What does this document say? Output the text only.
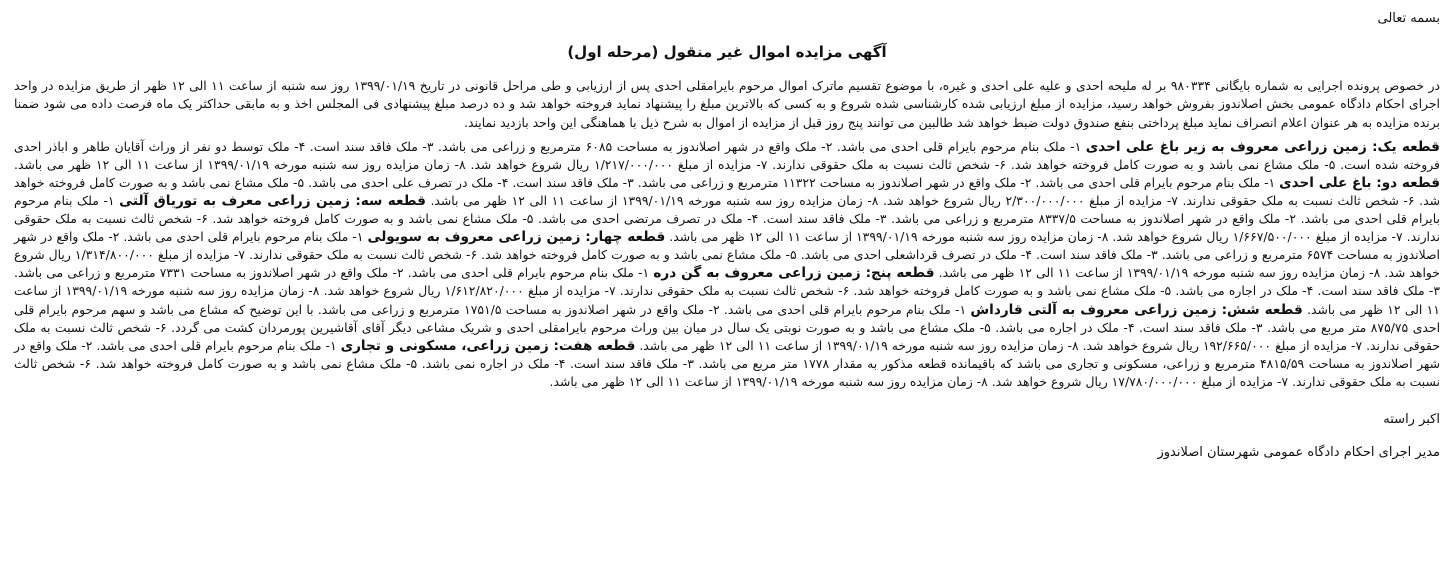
بسمه تعالی
آگهی مزایده اموال غیر منقول (مرحله اول)

در خصوص پرونده اجرایی به شماره بایگانی ۹۸۰۳۳۴ بر له ملیحه احدی و علیه علی احدی و غیره، با موضوع تقسیم ماترک اموال مرحوم بایرامقلی احدی پس از ارزیابی و طی مراحل قانونی در تاریخ ۱۳۹۹/۰۱/۱۹ روز سه شنبه از ساعت ۱۱ الی ۱۲ ظهر از طریق مزایده در واحد اجرای احکام دادگاه عمومی بخش اصلاندوز بفروش خواهد رسید، مزایده از مبلغ ارزیابی شده کارشناسی شده شروع و به کسی که بالاترین مبلغ را پیشنهاد نماید فروخته خواهد شد و ده درصد مبلغ پیشنهادی فی المجلس اخذ و به مابقی حداکثر یک ماه فرصت داده می شود ضمنا برنده مزایده به هر عنوان اعلام انصراف نماید مبلغ پرداختی بنفع صندوق دولت ضبط خواهد شد طالبین می توانند پنج روز قبل از مزایده از اموال به شرح ذیل با هماهنگی این واحد بازدید نمایند.

قطعه یک: زمین زراعی معروف به زیر باغ علی احدی ۱- ملک بنام مرحوم بایرام قلی احدی می باشد. ۲- ملک واقع در شهر اصلاندوز به مساحت ۶۰۸۵ مترمربع و زراعی می باشد. ۳- ملک فاقد سند است. ۴- ملک توسط دو نفر از وراث آقایان طاهر و اباذر احدی فروخته شده است. ۵- ملک مشاع نمی باشد و به صورت کامل فروخته خواهد شد. ۶- شخص ثالث نسبت به ملک حقوقی ندارند. ۷- مزایده از مبلغ ۱/۲۱۷/۰۰۰/۰۰۰ ریال شروع خواهد شد. ۸- زمان مزایده روز سه شنبه مورخه ۱۳۹۹/۰۱/۱۹ از ساعت ۱۱ الی ۱۲ ظهر می باشد. قطعه دو: باغ علی احدی ۱- ملک بنام مرحوم بایرام قلی احدی می باشد. ۲- ملک واقع در شهر اصلاندوز به مساحت ۱۱۳۲۲ مترمربع و زراعی می باشد. ۳- ملک فاقد سند است. ۴- ملک در تصرف علی احدی می باشد. ۵- ملک مشاع نمی باشد و به صورت کامل فروخته خواهد شد. ۶- شخص ثالث نسبت به ملک حقوقی ندارند. ۷- مزایده از مبلغ ۲/۳۰۰/۰۰۰/۰۰۰ ریال شروع خواهد شد. ۸- زمان مزایده روز سه شنبه مورخه ۱۳۹۹/۰۱/۱۹ از ساعت ۱۱ الی ۱۲ ظهر می باشد. قطعه سه: زمین زراعی معرف به توریاق آلتی ۱- ملک بنام مرحوم بایرام قلی احدی می باشد. ۲- ملک واقع در شهر اصلاندوز به مساحت ۸۳۳۷/۵ مترمربع و زراعی می باشد. ۳- ملک فاقد سند است. ۴- ملک در تصرف مرتضی احدی می باشد. ۵- ملک مشاع نمی باشد و به صورت کامل فروخته خواهد شد. ۶- شخص ثالث نسبت به ملک حقوقی ندارند. ۷- مزایده از مبلغ ۱/۶۶۷/۵۰۰/۰۰۰ ریال شروع خواهد شد. ۸- زمان مزایده روز سه شنبه مورخه ۱۳۹۹/۰۱/۱۹ از ساعت ۱۱ الی ۱۲ ظهر می باشد. قطعه چهار: زمین زراعی معروف به سویولی ۱- ملک بنام مرحوم بایرام قلی احدی می باشد. ۲- ملک واقع در شهر اصلاندوز به مساحت ۶۵۷۴ مترمربع و زراعی می باشد. ۳- ملک فاقد سند است. ۴- ملک در تصرف قرداشعلی احدی می باشد. ۵- ملک مشاع نمی باشد و به صورت کامل فروخته خواهد شد. ۶- شخص ثالث نسبت به ملک حقوقی ندارند. ۷- مزایده از مبلغ ۱/۳۱۴/۸۰۰/۰۰۰ ریال شروع خواهد شد. ۸- زمان مزایده روز سه شنبه مورخه ۱۳۹۹/۰۱/۱۹ از ساعت ۱۱ الی ۱۲ ظهر می باشد. قطعه پنج: زمین زراعی معروف به گن دره ۱- ملک بنام مرحوم بایرام قلی احدی می باشد. ۲- ملک واقع در شهر اصلاندوز به مساحت ۷۳۳۱ مترمربع و زراعی می باشد. ۳- ملک فاقد سند است. ۴- ملک در اجاره می باشد. ۵- ملک مشاع نمی باشد و به صورت کامل فروخته خواهد شد. ۶- شخص ثالث نسبت به ملک حقوقی ندارند. ۷- مزایده از مبلغ ۱/۶۱۲/۸۲۰/۰۰۰ ریال شروع خواهد شد. ۸- زمان مزایده روز سه شنبه مورخه ۱۳۹۹/۰۱/۱۹ از ساعت ۱۱ الی ۱۲ ظهر می باشد. قطعه شش: زمین زراعی معروف به آلتی قارداش ۱- ملک بنام مرحوم بایرام قلی احدی می باشد. ۲- ملک واقع در شهر اصلاندوز به مساحت ۱۷۵۱/۵ مترمربع و زراعی می باشد. با این توضیح که مشاع می باشد و سهم مرحوم بایرام قلی احدی ۸۷۵/۷۵ متر مربع می باشد. ۳- ملک فاقد سند است. ۴- ملک در اجاره می باشد. ۵- ملک مشاع می باشد و به صورت نوبتی یک سال در میان بین وراث مرحوم بایرامقلی احدی و شریک مشاعی دیگر آقای آقاشیرین پورمردان کشت می گردد. ۶- شخص ثالث نسبت به ملک حقوقی ندارند. ۷- مزایده از مبلغ ۱۹۲/۶۶۵/۰۰۰ ریال شروع خواهد شد. ۸- زمان مزایده روز سه شنبه مورخه ۱۳۹۹/۰۱/۱۹ از ساعت ۱۱ الی ۱۲ ظهر می باشد. قطعه هفت: زمین زراعی، مسکونی و تجاری ۱- ملک بنام مرحوم بایرام قلی احدی می باشد. ۲- ملک واقع در شهر اصلاندوز به مساحت ۴۸۱۵/۵۹ مترمربع و زراعی، مسکونی و تجاری می باشد که باقیمانده قطعه مذکور به مقدار ۱۷۷۸ متر مربع می باشد. ۳- ملک فاقد سند است. ۴- ملک در اجاره نمی باشد. ۵- ملک مشاع نمی باشد و به صورت کامل فروخته خواهد شد. ۶- شخص ثالث نسبت به ملک حقوقی ندارند. ۷- مزایده از مبلغ ۱۷/۷۸۰/۰۰۰/۰۰۰ ریال شروع خواهد شد. ۸- زمان مزایده روز سه شنبه مورخه ۱۳۹۹/۰۱/۱۹ از ساعت ۱۱ الی ۱۲ ظهر می باشد.

اکبر راسته
مدیر اجرای احکام دادگاه عمومی شهرستان اصلاندوز
